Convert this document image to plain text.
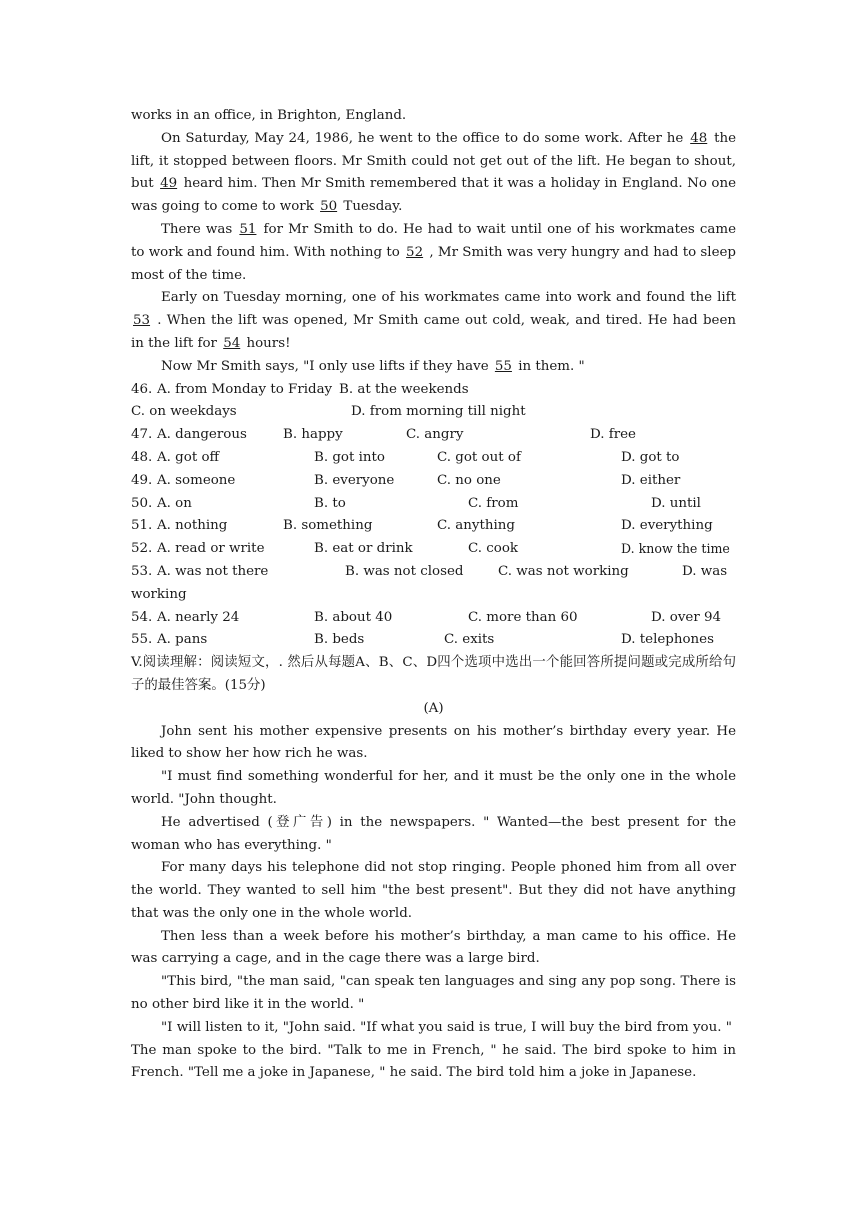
works in an office, in Brighton, England.

On Saturday, May 24, 1986, he went to the office to do some work. After he 48 the lift, it stopped between floors. Mr Smith could not get out of the lift. He began to shout, but 49 heard him. Then Mr Smith remembered that it was a holiday in England. No one was going to come to work 50 Tuesday.

There was 51 for Mr Smith to do. He had to wait until one of his workmates came to work and found him. With nothing to 52 , Mr Smith was very hungry and had to sleep most of the time.

Early on Tuesday morning, one of his workmates came into work and found the lift 53 . When the lift was opened, Mr Smith came out cold, weak, and tired. He had been in the lift for 54 hours!

Now Mr Smith says, "I only use lifts if they have 55 in them. "

46. A. from Monday to Friday B. at the weekends
C. on weekdays	D. from morning till night
47. A. dangerous	B. happy	C. angry	D. free
48. A. got off	B. got into	C. got out of	D. got to
49. A. someone	B. everyone	C. no one	D. either
50. A. on	B. to	C. from	D. until
51. A. nothing	B. something	C. anything	D. everything
52. A. read or write	B. eat or drink	C. cook	D. know the time
53. A. was not there	B. was not closed	C. was not working	D. was
working
54. A. nearly 24	B. about 40	C. more than 60	D. over 94
55. A. pans	B. beds	C. exits	D. telephones

V.阅读理解：阅读短文，. 然后从每题A、B、C、D四个选项中选出一个能回答所提问题或完成所给句子的最佳答案。(15分)

(A)

John sent his mother expensive presents on his mother’s birthday every year. He liked to show her how rich he was.

"I must find something wonderful for her, and it must be the only one in the whole world. "John thought.

He advertised (登广告) in the newspapers. " Wanted—the best present for the woman who has everything. "

For many days his telephone did not stop ringing. People phoned him from all over the world. They wanted to sell him "the best present". But they did not have anything that was the only one in the whole world.

Then less than a week before his mother’s birthday, a man came to his office. He was carrying a cage, and in the cage there was a large bird.

"This bird, "the man said, "can speak ten languages and sing any pop song. There is no other bird like it in the world. "

"I will listen to it, "John said. "If what you said is true, I will buy the bird from you. "

The man spoke to the bird. "Talk to me in French, " he said. The bird spoke to him in French. "Tell me a joke in Japanese, " he said. The bird told him a joke in Japanese.
